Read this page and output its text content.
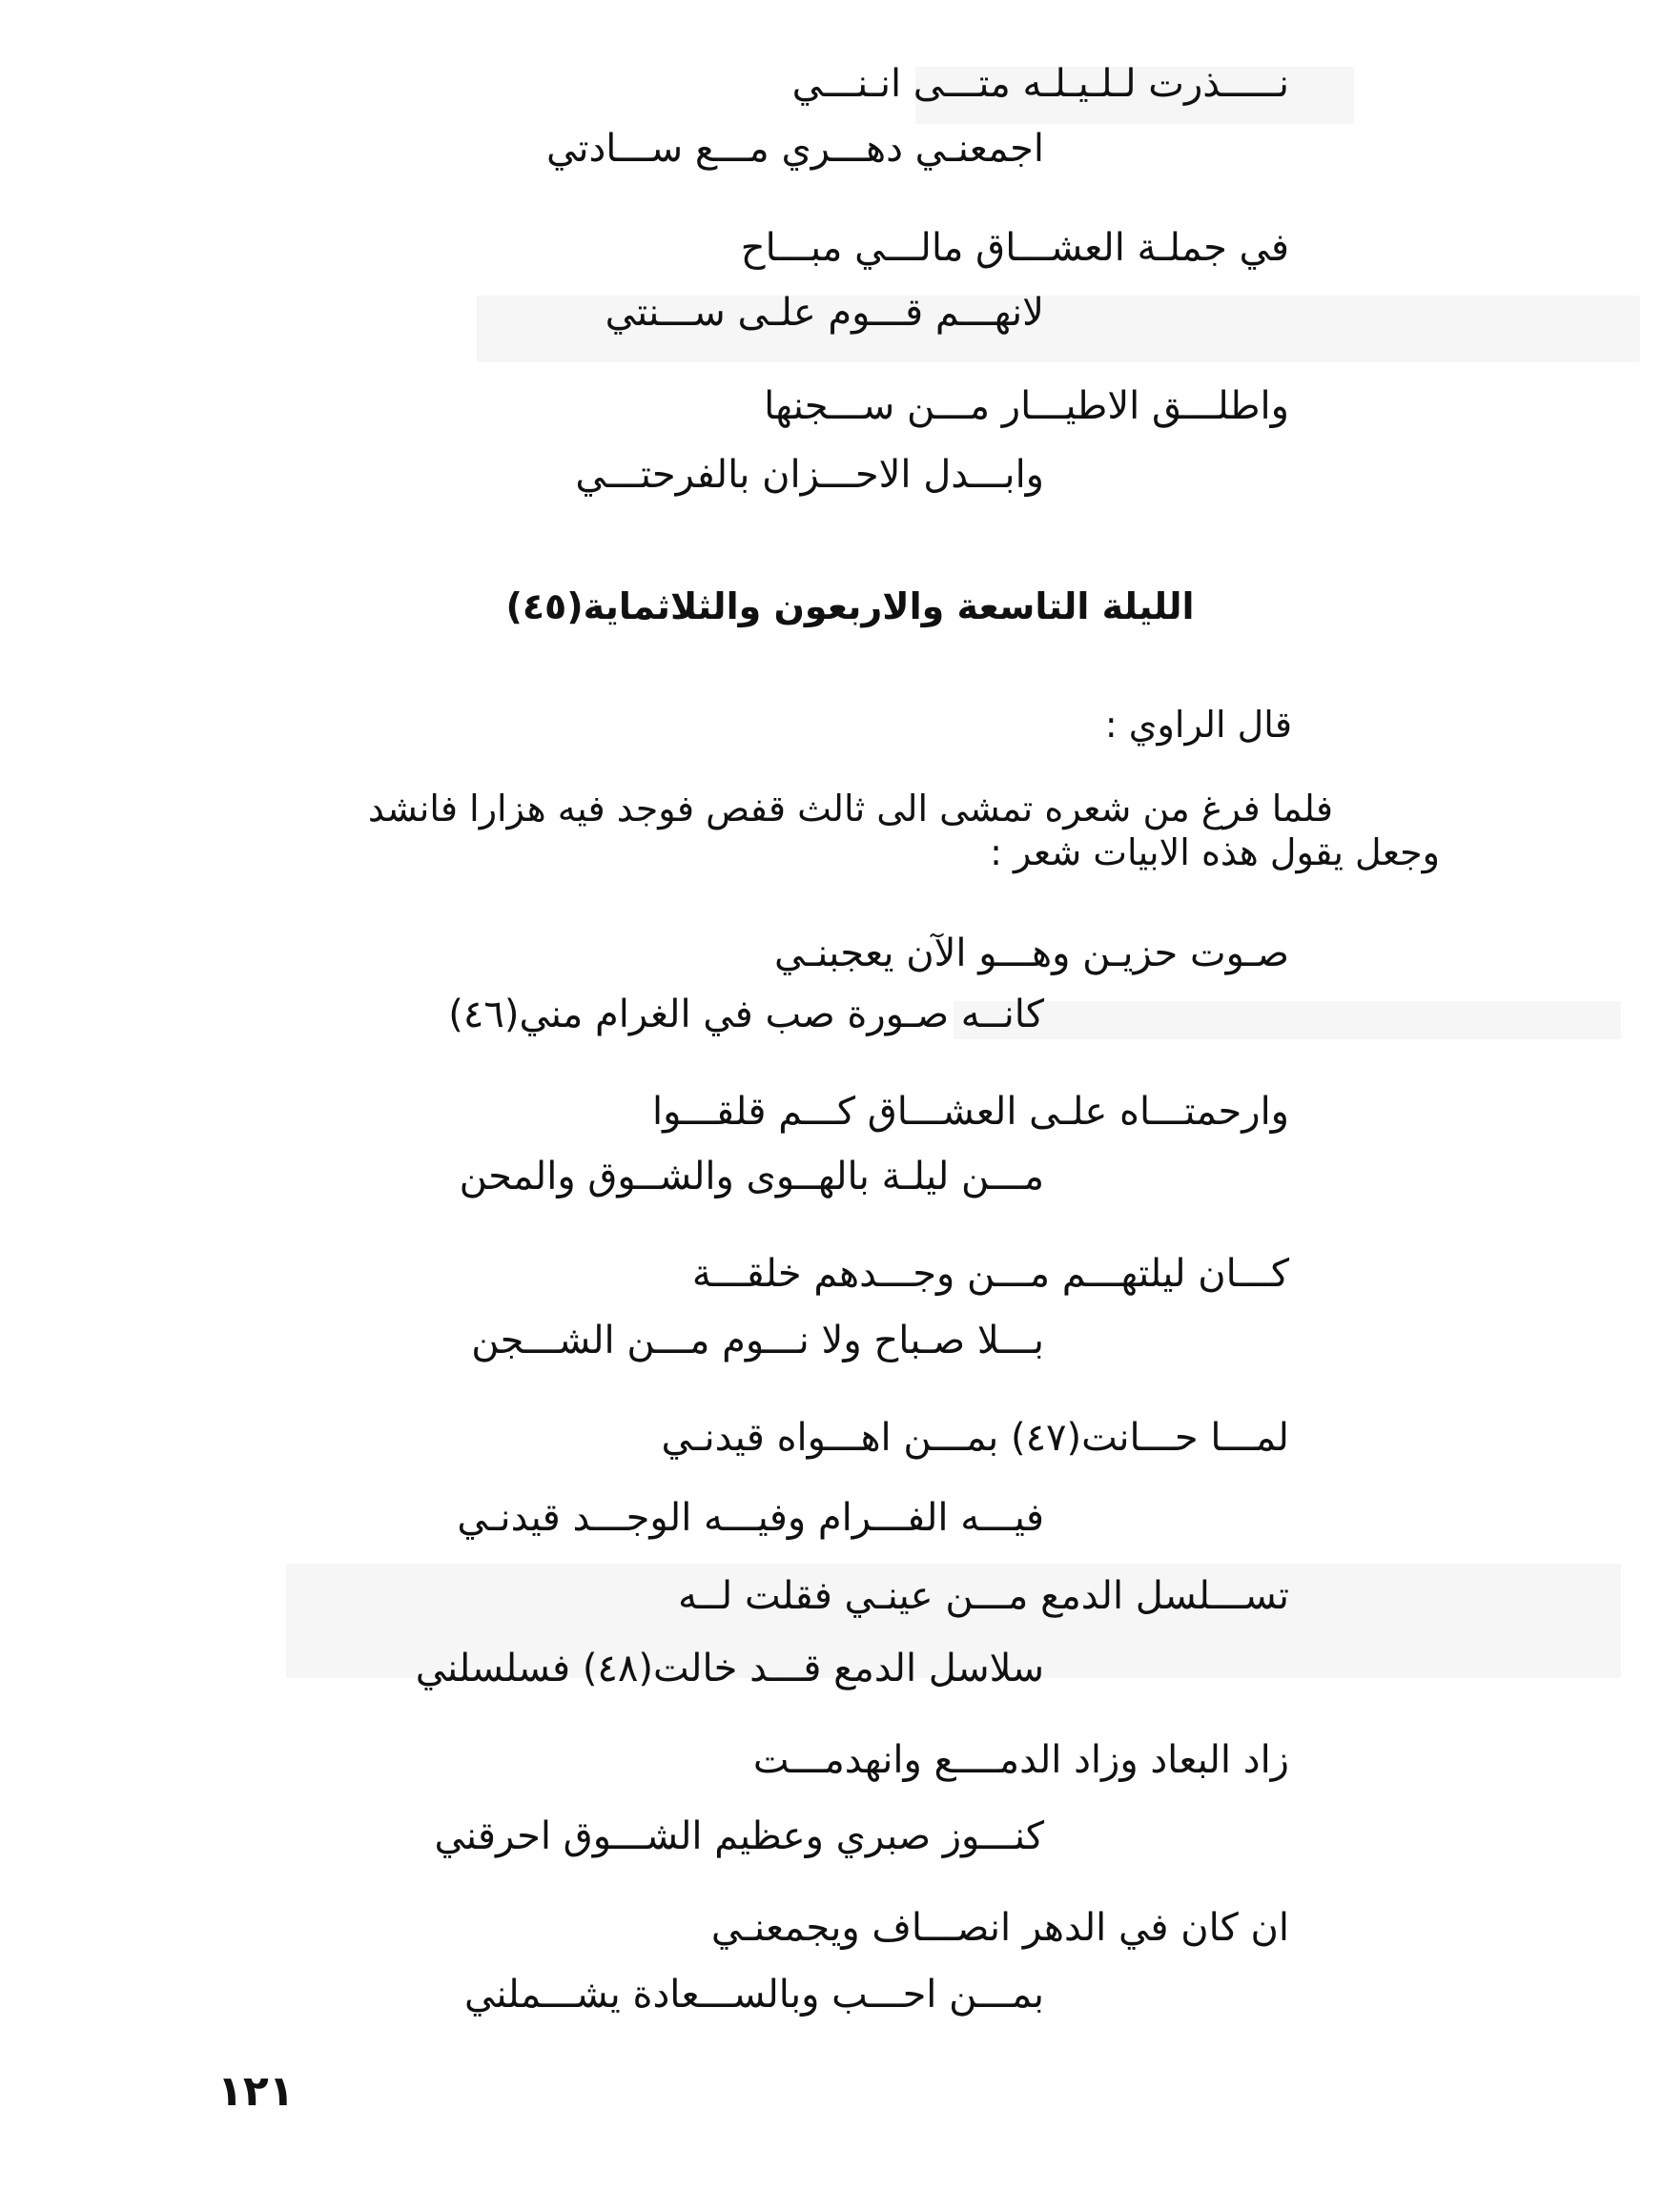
نـــــذرت لـلـيـلـه متـــى انـنـــي
اجمعنـي دهـــري مـــع ســـادتي
في جملـة العشـــاق مالـــي مبـــاح
لانهـــم قـــوم علـى ســـنتي
واطلـــق الاطيـــار مـــن ســـجنها
وابـــدل الاحـــزان بالفرحتـــي
الليلة التاسعة والاربعون والثلاثماية(٤٥)
قال الراوي :
فلما فرغ من شعره تمشى الى ثالث قفص فوجد فيه هزارا فانشد
وجعل يقول هذه الابيات شعر :
صـوت حزيـن وهـــو الآن يعجبنـي
كانــه صـورة صب في الغرام مني(٤٦)
وارحمتـــاه علـى العشـــاق كـــم قلقـــوا
مـــن ليلـة بالهــوى والشــوق والمحن
كـــان ليلتهـــم مـــن وجـــدهم خلقـــة
بـــلا صـباح ولا نـــوم مـــن الشـــجن
لمـــا حـــانت(٤٧) بمـــن اهـــواه قيدنـي
فيـــه الفـــرام وفيـــه الوجـــد قيدنـي
تســـلسل الدمع مـــن عينـي فقلت لــه
سلاسل الدمع قـــد خالت(٤٨) فسلسلني
زاد البعاد وزاد الدمــــع وانهدمـــت
كنـــوز صبري وعظيم الشـــوق احرقني
ان كان في الدهر انصـــاف ويجمعنـي
بمـــن احـــب وبالســـعادة يشـــملني
١٢١
